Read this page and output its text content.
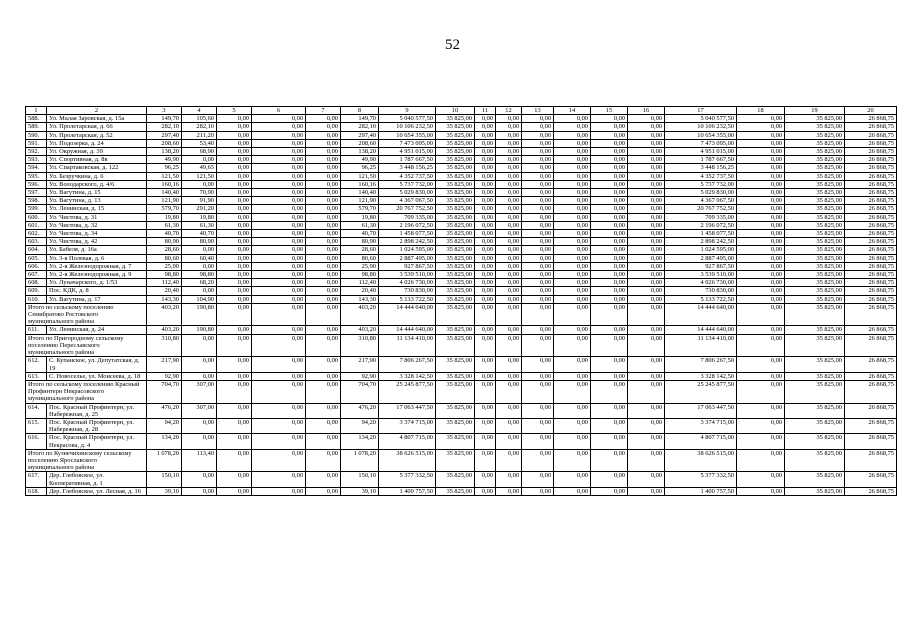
52
1	2	3	4	5	6	7	8	9	10	11	12	13	14	15	16	17	18	19	20
588.	Ул. Малая Заровская, д. 15а	149,70	105,60	0,00	0,00	0,00	149,70	5 040 577,50	35 825,00	0,00	0,00	0,00	0,00	0,00	0,00	5 040 577,50	0,00	35 825,00	26 868,75
589.	Ул. Пролетарская, д. 66	282,10	282,10	0,00	0,00	0,00	282,10	10 106 232,50	35 825,00	0,00	0,00	0,00	0,00	0,00	0,00	10 106 232,50	0,00	35 825,00	26 868,75
590.	Ул. Пролетарская, д. 52	297,40	211,20	0,00	0,00	0,00	297,40	10 654 355,00	35 825,00	0,00	0,00	0,00	0,00	0,00	0,00	10 654 355,00	0,00	35 825,00	26 868,75
591.	Ул. Подозерка, д. 24	208,60	53,40	0,00	0,00	0,00	208,60	7 473 095,00	35 825,00	0,00	0,00	0,00	0,00	0,00	0,00	7 473 095,00	0,00	35 825,00	26 868,75
592.	Ул. Окружная, д. 39	138,20	68,90	0,00	0,00	0,00	138,20	4 951 015,00	35 825,00	0,00	0,00	0,00	0,00	0,00	0,00	4 951 015,00	0,00	35 825,00	26 868,75
593.	Ул. Спортивная, д. 8в	49,90	0,00	0,00	0,00	0,00	49,90	1 787 667,50	35 825,00	0,00	0,00	0,00	0,00	0,00	0,00	1 787 667,50	0,00	35 825,00	26 868,75
594.	Ул. Спартаковская, д. 122	96,25	49,65	0,00	0,00	0,00	96,25	3 448 156,25	35 825,00	0,00	0,00	0,00	0,00	0,00	0,00	3 448 156,25	0,00	35 825,00	26 868,75
595.	Ул. Безручкина, д. 6	121,50	121,50	0,00	0,00	0,00	121,50	4 352 737,50	35 825,00	0,00	0,00	0,00	0,00	0,00	0,00	4 352 737,50	0,00	35 825,00	26 868,75
596.	Ул. Володарского, д. 4/6	160,16	0,00	0,00	0,00	0,00	160,16	5 737 732,00	35 825,00	0,00	0,00	0,00	0,00	0,00	0,00	5 737 732,00	0,00	35 825,00	26 868,75
597.	Ул. Вагутина, д. 15	140,40	70,90	0,00	0,00	0,00	140,40	5 029 830,00	35 825,00	0,00	0,00	0,00	0,00	0,00	0,00	5 029 830,00	0,00	35 825,00	26 868,75
598.	Ул. Вагутина, д. 13	121,90	91,90	0,00	0,00	0,00	121,90	4 367 067,50	35 825,00	0,00	0,00	0,00	0,00	0,00	0,00	4 367 067,50	0,00	35 825,00	26 868,75
599.	Ул. Ленинская, д. 15	579,70	291,20	0,00	0,00	0,00	579,70	20 767 752,50	35 825,00	0,00	0,00	0,00	0,00	0,00	0,00	20 767 752,50	0,00	35 825,00	26 868,75
600.	Ул. Чистова, д. 31	19,80	19,80	0,00	0,00	0,00	19,80	709 335,00	35 825,00	0,00	0,00	0,00	0,00	0,00	0,00	709 335,00	0,00	35 825,00	26 868,75
601.	Ул. Чистова, д. 32	61,30	61,30	0,00	0,00	0,00	61,30	2 196 072,50	35 825,00	0,00	0,00	0,00	0,00	0,00	0,00	2 196 072,50	0,00	35 825,00	26 868,75
602.	Ул. Чистова, д. 34	40,70	40,70	0,00	0,00	0,00	40,70	1 458 077,50	35 825,00	0,00	0,00	0,00	0,00	0,00	0,00	1 458 077,50	0,00	35 825,00	26 868,75
603.	Ул. Чистова, д. 42	80,90	80,90	0,00	0,00	0,00	80,90	2 898 242,50	35 825,00	0,00	0,00	0,00	0,00	0,00	0,00	2 898 242,50	0,00	35 825,00	26 868,75
604.	Ул. Бабеля, д. 16а	28,60	0,00	0,00	0,00	0,00	28,60	1 024 595,00	35 825,00	0,00	0,00	0,00	0,00	0,00	0,00	1 024 595,00	0,00	35 825,00	26 868,75
605.	Ул. 3-я Полевая, д. 6	80,60	60,40	0,00	0,00	0,00	80,60	2 887 495,00	35 825,00	0,00	0,00	0,00	0,00	0,00	0,00	2 887 495,00	0,00	35 825,00	26 868,75
606.	Ул. 2-я Железнодорожная, д. 7	25,90	0,00	0,00	0,00	0,00	25,90	927 867,50	35 825,00	0,00	0,00	0,00	0,00	0,00	0,00	927 867,50	0,00	35 825,00	26 868,75
607.	Ул. 2-я Железнодорожная, д. 9	98,80	98,80	0,00	0,00	0,00	98,80	3 539 510,00	35 825,00	0,00	0,00	0,00	0,00	0,00	0,00	3 539 510,00	0,00	35 825,00	26 868,75
608.	Ул. Луначарского, д. 1/53	112,40	68,20	0,00	0,00	0,00	112,40	4 026 730,00	35 825,00	0,00	0,00	0,00	0,00	0,00	0,00	4 026 730,00	0,00	35 825,00	26 868,75
609.	Пос. КДК, д. 8	20,40	0,00	0,00	0,00	0,00	20,40	730 830,00	35 825,00	0,00	0,00	0,00	0,00	0,00	0,00	730 830,00	0,00	35 825,00	26 868,75
610.	Ул. Вагутина, д. 17	143,30	104,90	0,00	0,00	0,00	143,30	5 133 722,50	35 825,00	0,00	0,00	0,00	0,00	0,00	0,00	5 133 722,50	0,00	35 825,00	26 868,75
Итого по сельскому поселению Семибратово Ростовского муниципального района		403,20	190,80	0,00	0,00	0,00	403,20	14 444 640,00	35 825,00	0,00	0,00	0,00	0,00	0,00	0,00	14 444 640,00	0,00	35 825,00	26 868,75
611.	Ул. Ленинская, д. 24	403,20	190,80	0,00	0,00	0,00	403,20	14 444 640,00	35 825,00	0,00	0,00	0,00	0,00	0,00	0,00	14 444 640,00	0,00	35 825,00	26 868,75
Итого по Пригородному сельскому поселению Переславского муниципального района		310,80	0,00	0,00	0,00	0,00	310,80	11 134 410,00	35 825,00	0,00	0,00	0,00	0,00	0,00	0,00	11 134 410,00	0,00	35 825,00	26 868,75
612.	С. Купанское, ул. Депутатская, д. 19	217,90	0,00	0,00	0,00	0,00	217,90	7 806 267,50	35 825,00	0,00	0,00	0,00	0,00	0,00	0,00	7 806 267,50	0,00	35 825,00	26 868,75
613.	С. Новоселье, ул. Моисеева, д. 18	92,90	0,00	0,00	0,00	0,00	92,90	3 328 142,50	35 825,00	0,00	0,00	0,00	0,00	0,00	0,00	3 328 142,50	0,00	35 825,00	26 868,75
Итого по сельскому поселению Красный Профинтерн Некрасовского муниципального района		704,70	307,00	0,00	0,00	0,00	704,70	25 245 877,50	35 825,00	0,00	0,00	0,00	0,00	0,00	0,00	25 245 877,50	0,00	35 825,00	26 868,75
614.	Пос. Красный Профинтерн, ул. Набережная, д. 25	476,20	307,00	0,00	0,00	0,00	476,20	17 063 447,50	35 825,00	0,00	0,00	0,00	0,00	0,00	0,00	17 063 447,50	0,00	35 825,00	26 868,75
615.	Пос. Красный Профинтерн, ул. Набережная, д. 28	94,20	0,00	0,00	0,00	0,00	94,20	3 374 715,00	35 825,00	0,00	0,00	0,00	0,00	0,00	0,00	3 374 715,00	0,00	35 825,00	26 868,75
616.	Пос. Красный Профинтерн, ул. Некрасова, д. 4	134,20	0,00	0,00	0,00	0,00	134,20	4 807 715,00	35 825,00	0,00	0,00	0,00	0,00	0,00	0,00	4 807 715,00	0,00	35 825,00	26 868,75
Итого по Кузнечихинскому сельскому поселению Ярославского муниципального района		1 078,20	113,40	0,00	0,00	0,00	1 078,20	38 626 515,00	35 825,00	0,00	0,00	0,00	0,00	0,00	0,00	38 626 515,00	0,00	35 825,00	26 868,75
617.	Дер. Глебовское, ул. Кооперативная, д. 1	150,10	0,00	0,00	0,00	0,00	150,10	5 377 332,50	35 825,00	0,00	0,00	0,00	0,00	0,00	0,00	5 377 332,50	0,00	35 825,00	26 868,75
618.	Дер. Глебовское, ул. Лесная, д. 16	39,10	0,00	0,00	0,00	0,00	39,10	1 400 757,50	35 825,00	0,00	0,00	0,00	0,00	0,00	0,00	1 400 757,50	0,00	35 825,00	26 868,75
